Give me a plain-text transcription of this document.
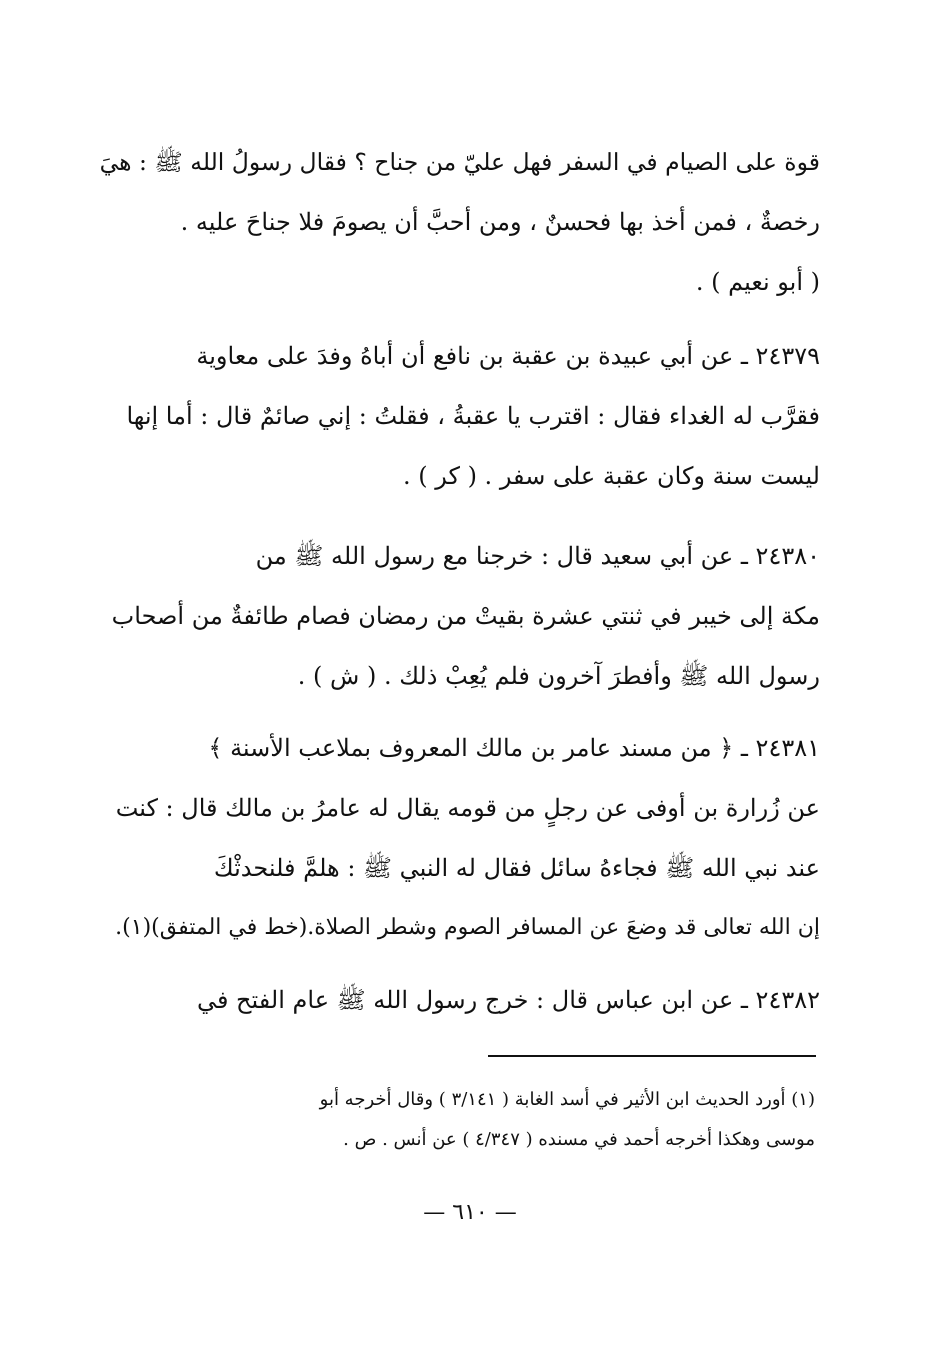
قوة على الصيام في السفر فهل عليّ من جناح ؟ فقال رسولُ الله ﷺ : هيَ
رخصةٌ ، فمن أخذ بها فحسنٌ ، ومن أحبَّ أن يصومَ فلا جناحَ عليه .
( أبو نعيم ) .
٢٤٣٧٩ ـ عن أبي عبيدة بن عقبة بن نافع أن أباهُ وفدَ على معاوية
فقرَّب له الغداء فقال : اقترب يا عقبةُ ، فقلتُ : إني صائمٌ قال : أما إنها
ليست سنة وكان عقبة على سفر . ( كر ) .
٢٤٣٨٠ ـ عن أبي سعيد قال : خرجنا مع رسول الله ﷺ من
مكة إلى خيبر في ثنتي عشرة بقيتْ من رمضان فصام طائفةٌ من أصحاب
رسول الله ﷺ وأفطرَ آخرون فلم يُعِبْ ذلك . ( ش ) .
٢٤٣٨١ ـ ﴿ من مسند عامر بن مالك المعروف بملاعب الأسنة ﴾
عن زُرارة بن أوفى عن رجلٍ من قومه يقال له عامرُ بن مالك قال : كنت
عند نبي الله ﷺ فجاءهُ سائل فقال له النبي ﷺ : هلمَّ فلنحدثْكَ
إن الله تعالى قد وضعَ عن المسافر الصوم وشطر الصلاة.(خط في المتفق)(١).
٢٤٣٨٢ ـ عن ابن عباس قال : خرج رسول الله ﷺ عام الفتح في
(١) أورد الحديث ابن الأثير في أسد الغابة ( ٣/١٤١ ) وقال أخرجه أبو
موسى وهكذا أخرجه أحمد في مسنده ( ٤/٣٤٧ ) عن أنس . ص .
— ٦١٠ —
